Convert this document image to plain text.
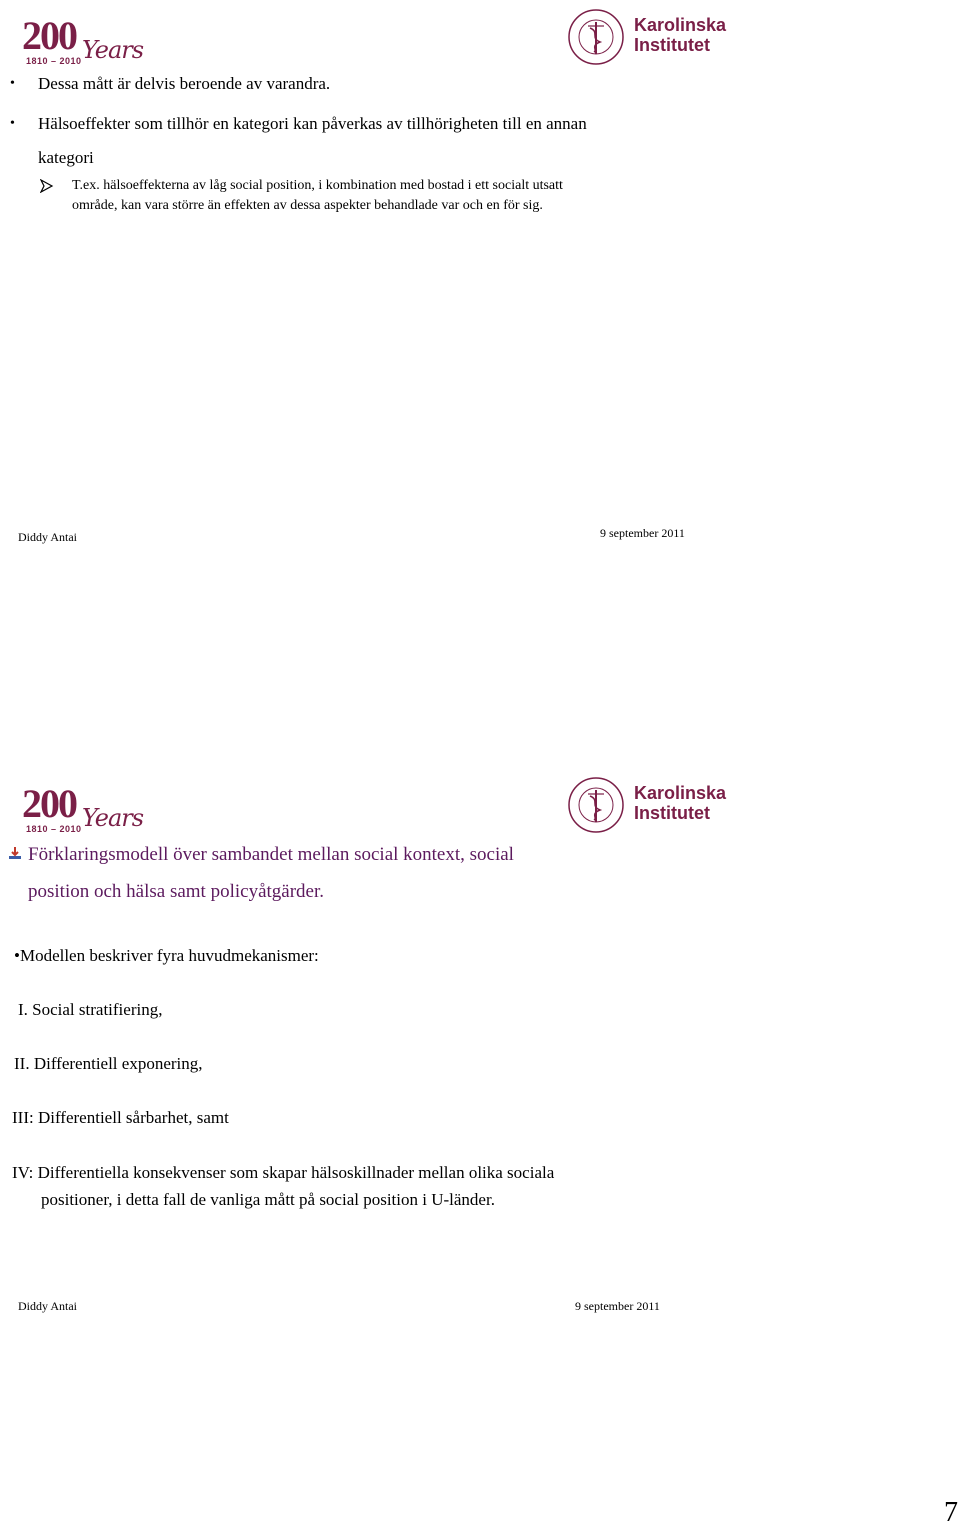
200
1810 – 2010 Years
Karolinska
Institutet
• Dessa mått är delvis beroende av varandra.
• Hälsoeffekter som tillhör en kategori kan påverkas av tillhörigheten till en annan
kategori
T.ex. hälsoeffekterna av låg social position, i kombination med bostad i ett socialt utsatt
område, kan vara större än effekten av dessa aspekter behandlade var och en för sig.
Diddy Antai	9 september 2011
200
1810 – 2010 Years
Karolinska
Institutet
Förklaringsmodell över sambandet mellan social kontext, social
position och hälsa samt policyåtgärder.
•Modellen beskriver fyra huvudmekanismer:
I. Social stratifiering,
II. Differentiell exponering,
III: Differentiell sårbarhet, samt
IV: Differentiella konsekvenser som skapar hälsoskillnader mellan olika sociala
positioner, i detta fall de vanliga mått på social position i U-länder.
Diddy Antai	9 september 2011
7
